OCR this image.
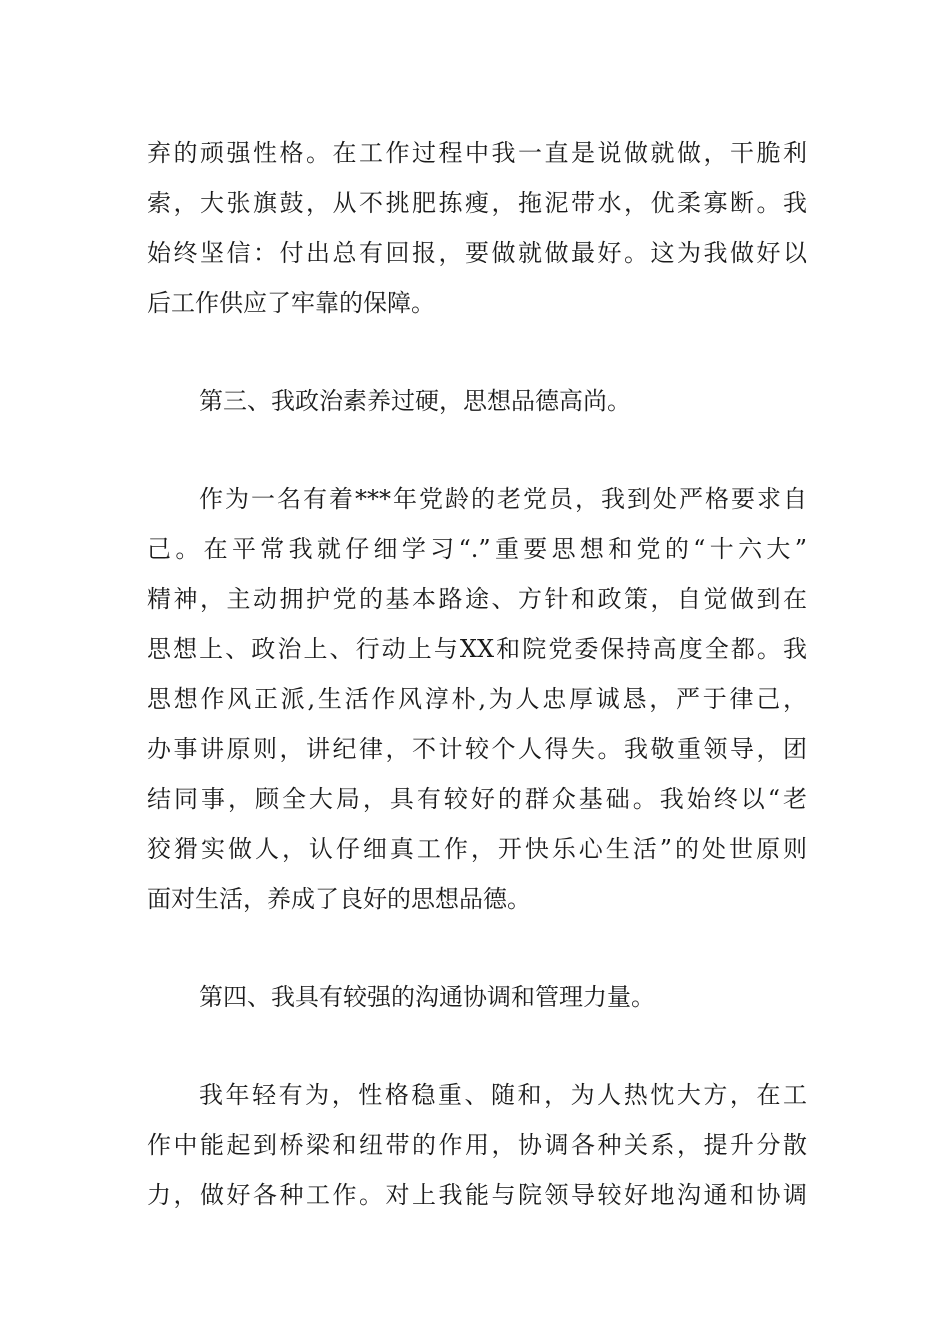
弃的顽强性格。在工作过程中我一直是说做就做，干脆利
索，大张旗鼓，从不挑肥拣瘦，拖泥带水，优柔寡断。我
始终坚信：付出总有回报，要做就做最好。这为我做好以
后工作供应了牢靠的保障。
第三、我政治素养过硬，思想品德高尚。
作为一名有着***年党龄的老党员，我到处严格要求自
己。在平常我就仔细学习“.”重要思想和党的“十六大”
精神，主动拥护党的基本路途、方针和政策，自觉做到在
思想上、政治上、行动上与XX和院党委保持高度全都。我
思想作风正派,生活作风淳朴,为人忠厚诚恳，严于律己，
办事讲原则，讲纪律，不计较个人得失。我敬重领导，团
结同事，顾全大局，具有较好的群众基础。我始终以“老
狡猾实做人，认仔细真工作，开快乐心生活”的处世原则
面对生活，养成了良好的思想品德。
第四、我具有较强的沟通协调和管理力量。
我年轻有为，性格稳重、随和，为人热忱大方，在工
作中能起到桥梁和纽带的作用，协调各种关系，提升分散
力，做好各种工作。对上我能与院领导较好地沟通和协调
